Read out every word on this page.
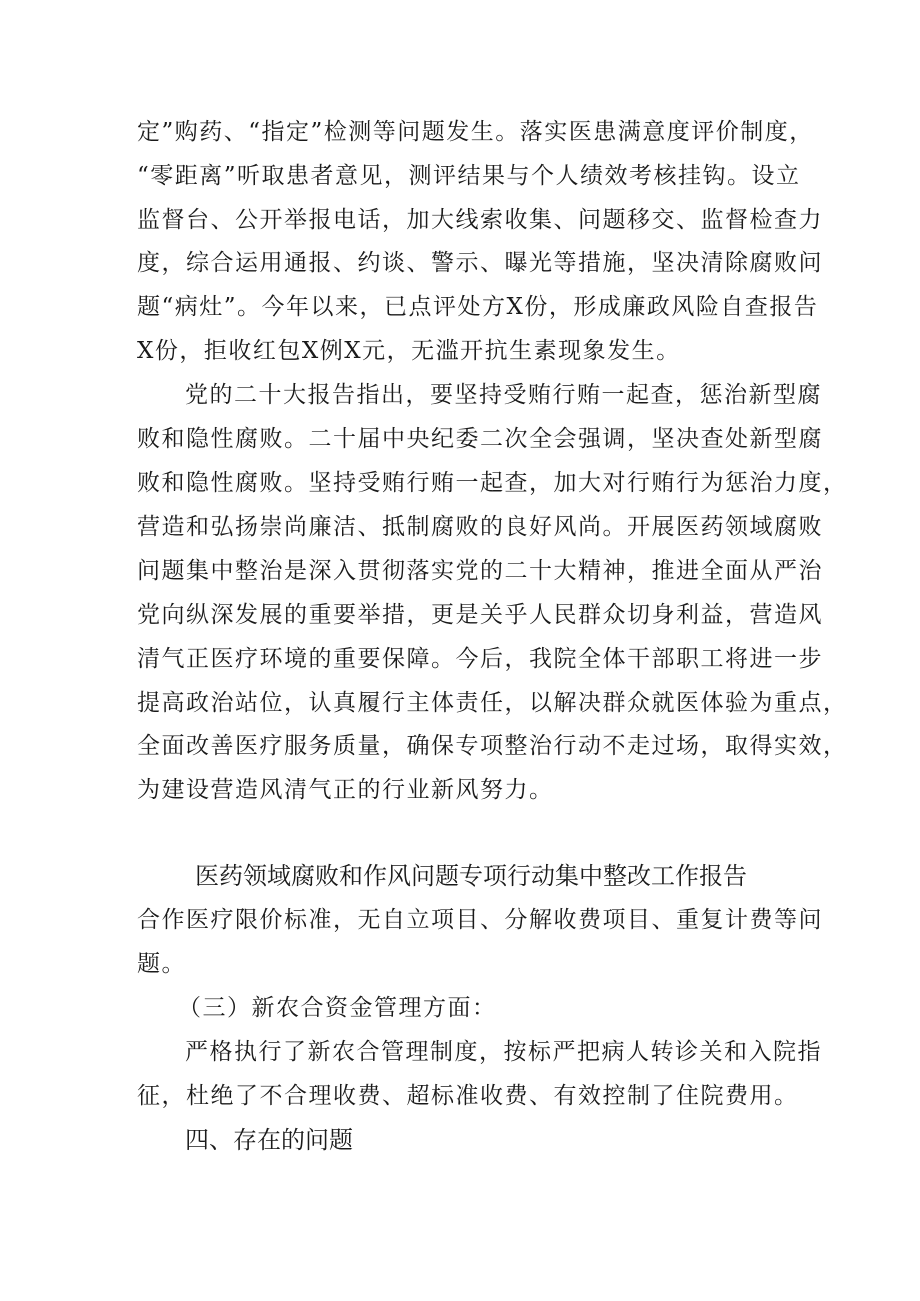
定”购药、“指定”检测等问题发生。落实医患满意度评价制度，
“零距离”听取患者意见，测评结果与个人绩效考核挂钩。设立
监督台、公开举报电话，加大线索收集、问题移交、监督检查力
度，综合运用通报、约谈、警示、曝光等措施，坚决清除腐败问
题“病灶”。今年以来，已点评处方X份，形成廉政风险自查报告
X份，拒收红包X例X元，无滥开抗生素现象发生。
党的二十大报告指出，要坚持受贿行贿一起查，惩治新型腐
败和隐性腐败。二十届中央纪委二次全会强调，坚决查处新型腐
败和隐性腐败。坚持受贿行贿一起查，加大对行贿行为惩治力度，
营造和弘扬崇尚廉洁、抵制腐败的良好风尚。开展医药领域腐败
问题集中整治是深入贯彻落实党的二十大精神，推进全面从严治
党向纵深发展的重要举措，更是关乎人民群众切身利益，营造风
清气正医疗环境的重要保障。今后，我院全体干部职工将进一步
提高政治站位，认真履行主体责任，以解决群众就医体验为重点，
全面改善医疗服务质量，确保专项整治行动不走过场，取得实效，
为建设营造风清气正的行业新风努力。
医药领域腐败和作风问题专项行动集中整改工作报告
合作医疗限价标准，无自立项目、分解收费项目、重复计费等问
题。
（三）新农合资金管理方面：
严格执行了新农合管理制度，按标严把病人转诊关和入院指
征，杜绝了不合理收费、超标准收费、有效控制了住院费用。
四、存在的问题
